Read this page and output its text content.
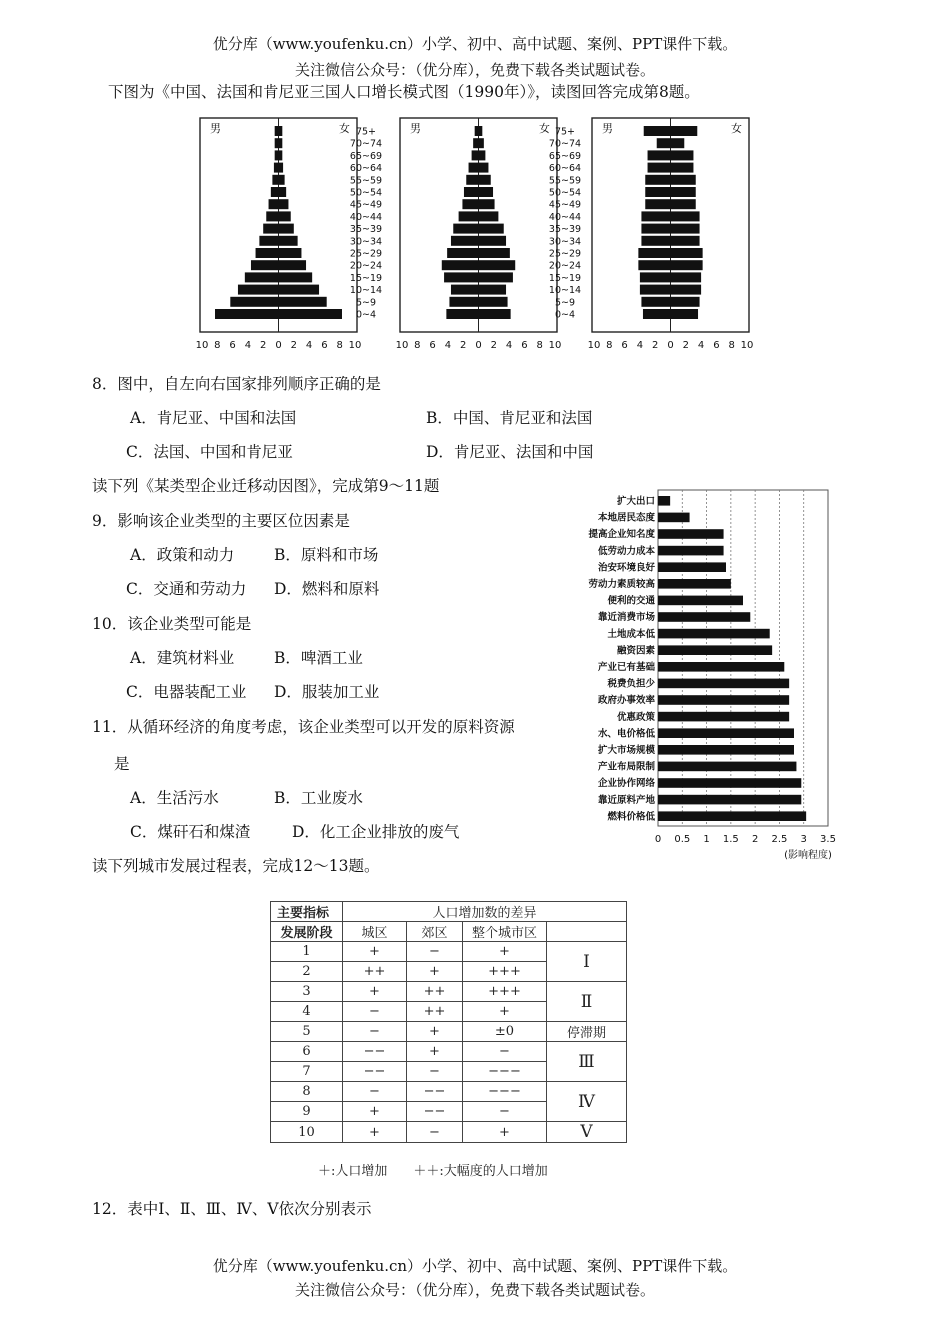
优分库（www.youfenku.cn）小学、初中、高中试题、案例、PPT课件下载。
关注微信公众号：（优分库），免费下载各类试题试卷。
下图为《中国、法国和肯尼亚三国人口增长模式图（1990年）》，读图回答完成第8题。
男	女
10 8 6 4 2 0 2 4 6 8 10
75+
70~74
65~69
60~64
55~59
50~54
45~49
40~44
35~39
30~34
25~29
20~24
15~19
10~14
5~9
0~4
男	女
10 8 6 4 2 0 2 4 6 8 10
75+
70~74
65~69
60~64
55~59
50~54
45~49
40~44
35~39
30~34
25~29
20~24
15~19
10~14
5~9
0~4
男	女
10 8 6 4 2 0 2 4 6 8 10
8．图中，自左向右国家排列顺序正确的是
A．肯尼亚、中国和法国	B．中国、肯尼亚和法国
C．法国、中国和肯尼亚	D．肯尼亚、法国和中国
读下列《某类型企业迁移动因图》，完成第9～11题
9．影响该企业类型的主要区位因素是
A．政策和动力	B．原料和市场
C．交通和劳动力 D．燃料和原料
10．该企业类型可能是
A．建筑材料业	B．啤酒工业
C．电器装配工业 D．服装加工业
11．从循环经济的角度考虑，该企业类型可以开发的原料资源
是
A．生活污水	B．工业废水
C．煤矸石和煤渣	D．化工企业排放的废气
扩大出口
本地居民态度
提高企业知名度
低劳动力成本
治安环境良好
劳动力素质较高
便利的交通
靠近消费市场
土地成本低
融资因素
产业已有基础
税费负担少
政府办事效率
优惠政策
水、电价格低
扩大市场规模
产业布局限制
企业协作网络
靠近原料产地
燃料价格低
0 0.5 1 1.5 2 2.5 3 3.5
(影响程度)
读下列城市发展过程表，完成12～13题。
主要指标	人口增加数的差异			
发展阶段	城区	郊区	整个城市区	
1	+	−	+	Ⅰ
2	++	+	+++	
3	+	++	+++	Ⅱ
4	−	++	+	
5	−	+	±0	停滞期
6	−−	+	−	Ⅲ
7	−−	−	−−−	
8	−	−−	−−−	Ⅳ
9	+	−−	−	
10	+	−	+	Ⅴ
＋:人口增加　　＋＋:大幅度的人口增加
12．表中Ⅰ、Ⅱ、Ⅲ、Ⅳ、Ⅴ依次分别表示
优分库（www.youfenku.cn）小学、初中、高中试题、案例、PPT课件下载。
关注微信公众号：（优分库），免费下载各类试题试卷。
